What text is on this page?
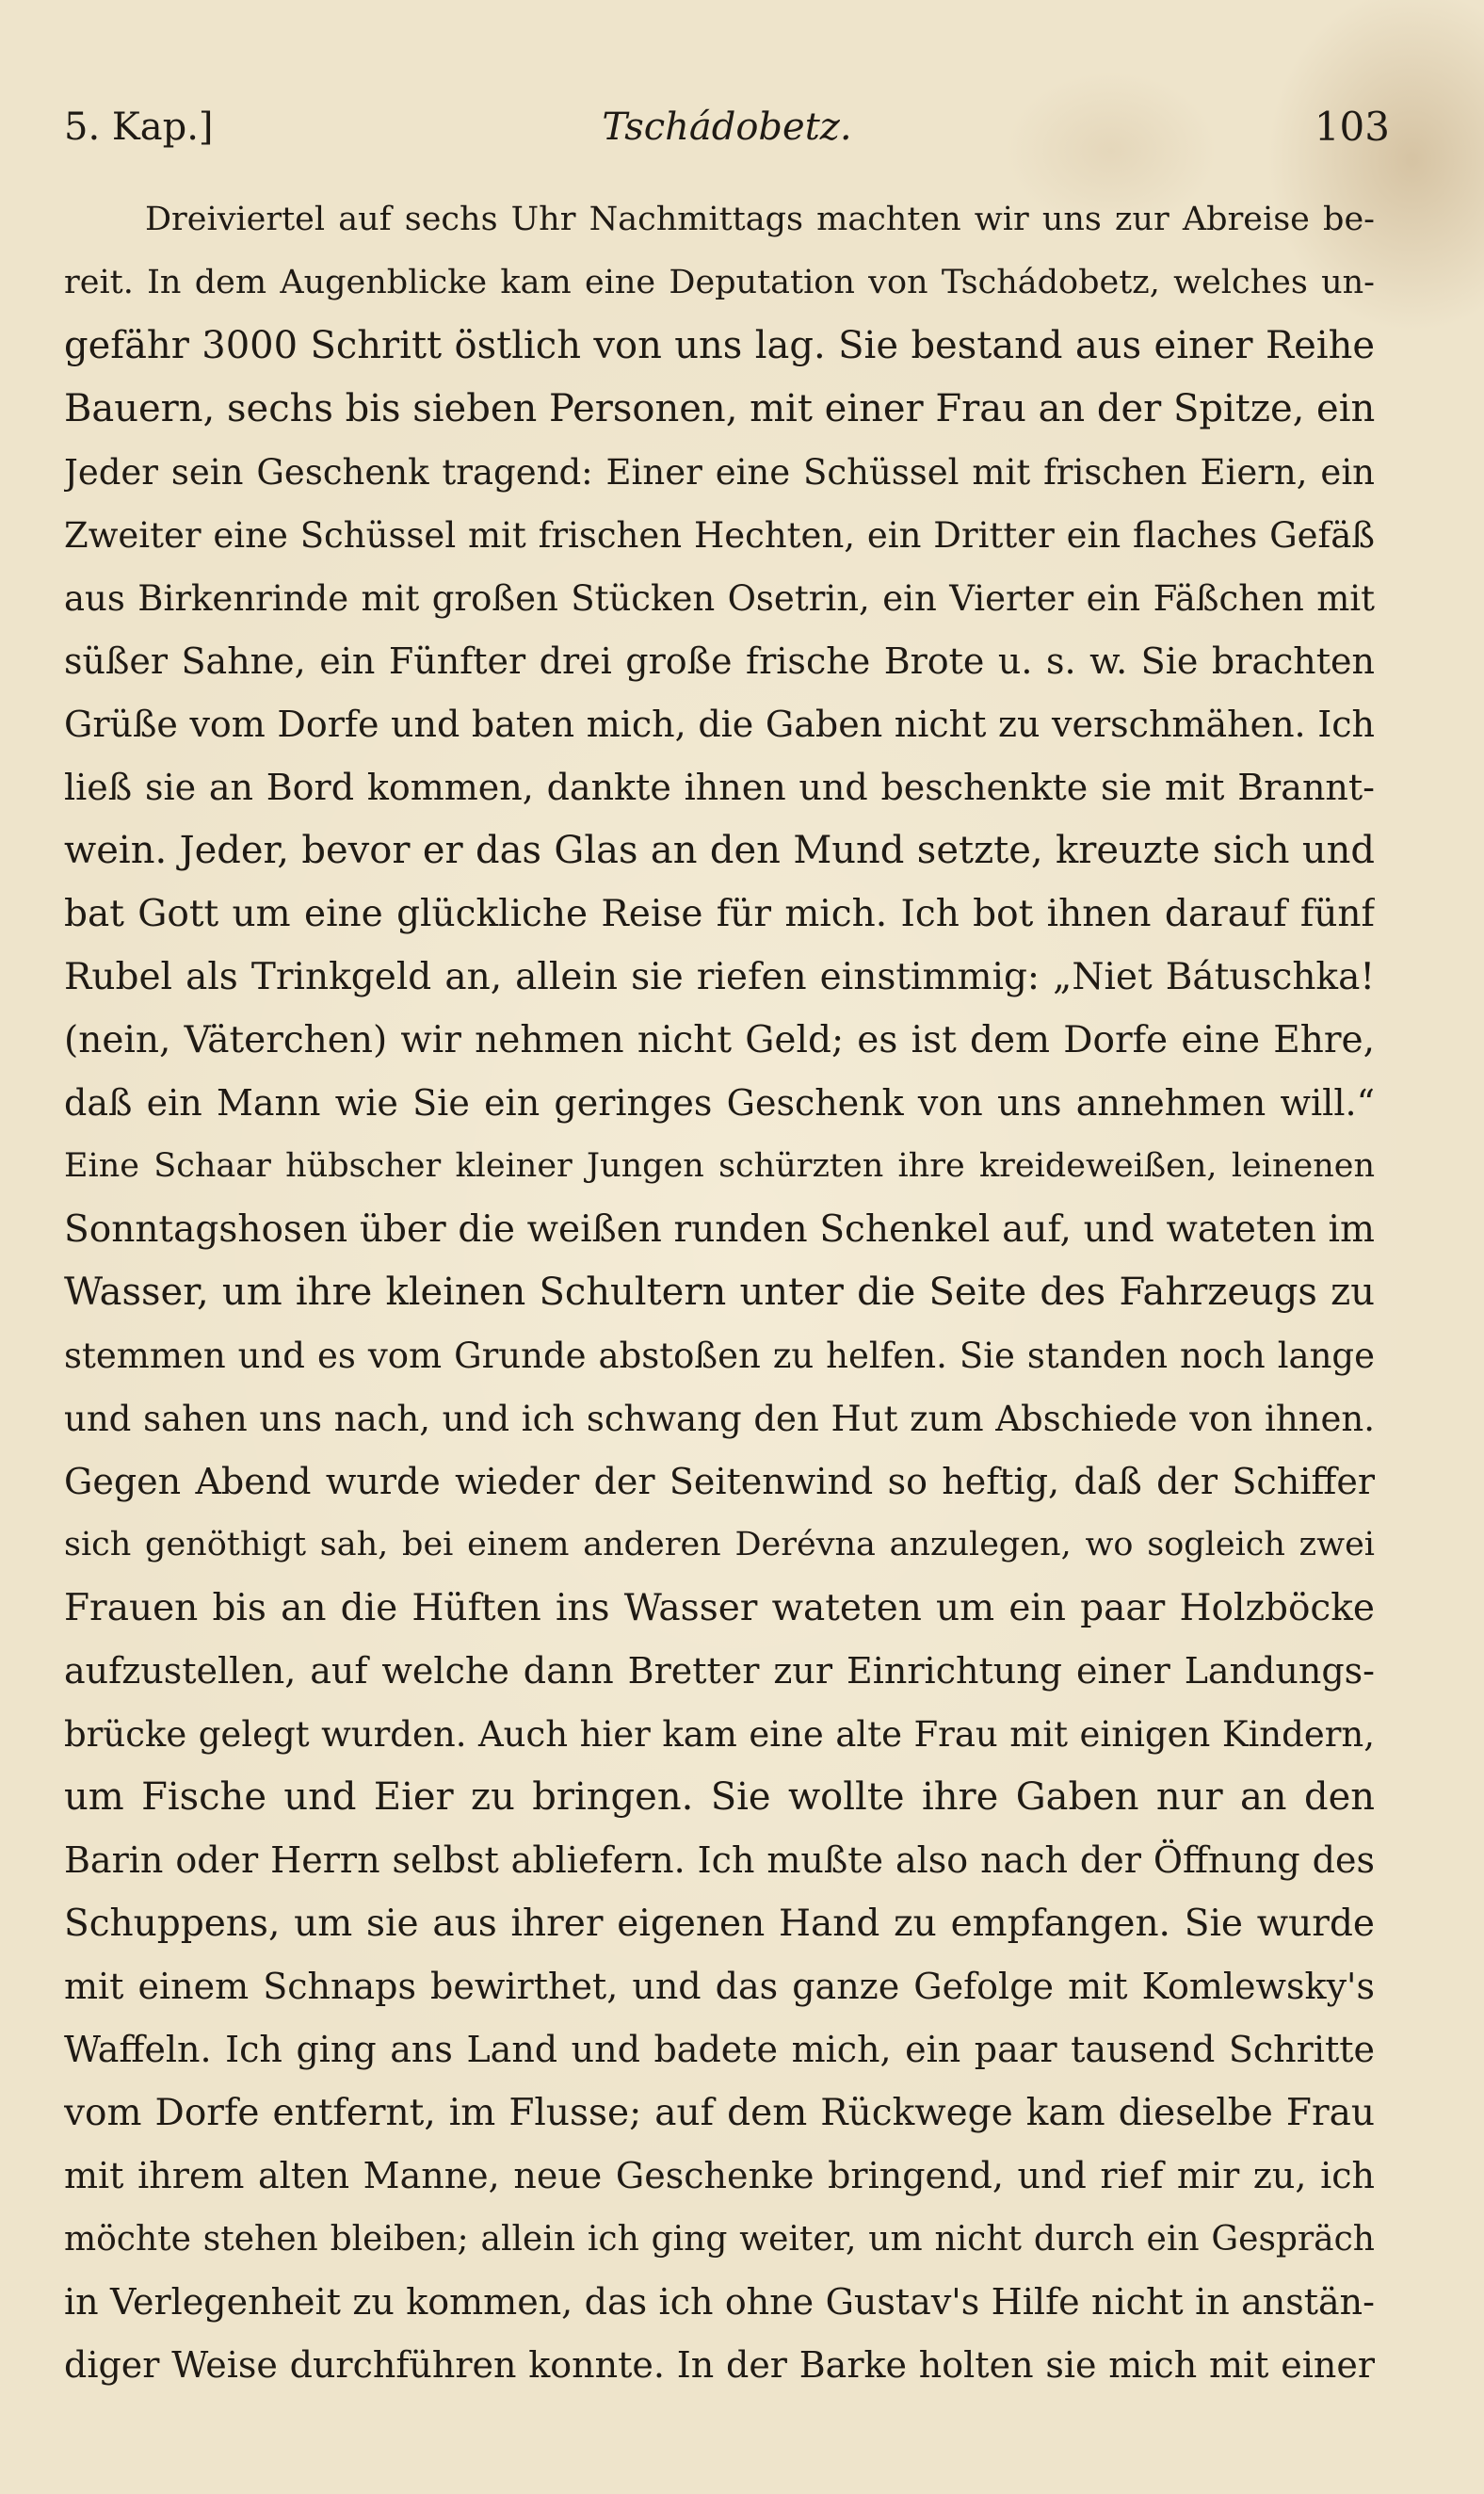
5. Kap.]	Tschádobetz.	103
Dreiviertel auf sechs Uhr Nachmittags machten wir uns zur Abreise be-
reit. In dem Augenblicke kam eine Deputation von Tschádobetz, welches un-
gefähr 3000 Schritt östlich von uns lag. Sie bestand aus einer Reihe
Bauern, sechs bis sieben Personen, mit einer Frau an der Spitze, ein
Jeder sein Geschenk tragend: Einer eine Schüssel mit frischen Eiern, ein
Zweiter eine Schüssel mit frischen Hechten, ein Dritter ein flaches Gefäß
aus Birkenrinde mit großen Stücken Osetrin, ein Vierter ein Fäßchen mit
süßer Sahne, ein Fünfter drei große frische Brote u. s. w. Sie brachten
Grüße vom Dorfe und baten mich, die Gaben nicht zu verschmähen. Ich
ließ sie an Bord kommen, dankte ihnen und beschenkte sie mit Brannt-
wein. Jeder, bevor er das Glas an den Mund setzte, kreuzte sich und
bat Gott um eine glückliche Reise für mich. Ich bot ihnen darauf fünf
Rubel als Trinkgeld an, allein sie riefen einstimmig: „Niet Bátuschka!
(nein, Väterchen) wir nehmen nicht Geld; es ist dem Dorfe eine Ehre,
daß ein Mann wie Sie ein geringes Geschenk von uns annehmen will.“
Eine Schaar hübscher kleiner Jungen schürzten ihre kreideweißen, leinenen
Sonntagshosen über die weißen runden Schenkel auf, und wateten im
Wasser, um ihre kleinen Schultern unter die Seite des Fahrzeugs zu
stemmen und es vom Grunde abstoßen zu helfen. Sie standen noch lange
und sahen uns nach, und ich schwang den Hut zum Abschiede von ihnen.
Gegen Abend wurde wieder der Seitenwind so heftig, daß der Schiffer
sich genöthigt sah, bei einem anderen Derévna anzulegen, wo sogleich zwei
Frauen bis an die Hüften ins Wasser wateten um ein paar Holzböcke
aufzustellen, auf welche dann Bretter zur Einrichtung einer Landungs-
brücke gelegt wurden. Auch hier kam eine alte Frau mit einigen Kindern,
um Fische und Eier zu bringen. Sie wollte ihre Gaben nur an den
Barin oder Herrn selbst abliefern. Ich mußte also nach der Öffnung des
Schuppens, um sie aus ihrer eigenen Hand zu empfangen. Sie wurde
mit einem Schnaps bewirthet, und das ganze Gefolge mit Komlewsky's
Waffeln. Ich ging ans Land und badete mich, ein paar tausend Schritte
vom Dorfe entfernt, im Flusse; auf dem Rückwege kam dieselbe Frau
mit ihrem alten Manne, neue Geschenke bringend, und rief mir zu, ich
möchte stehen bleiben; allein ich ging weiter, um nicht durch ein Gespräch
in Verlegenheit zu kommen, das ich ohne Gustav's Hilfe nicht in anstän-
diger Weise durchführen konnte. In der Barke holten sie mich mit einer
